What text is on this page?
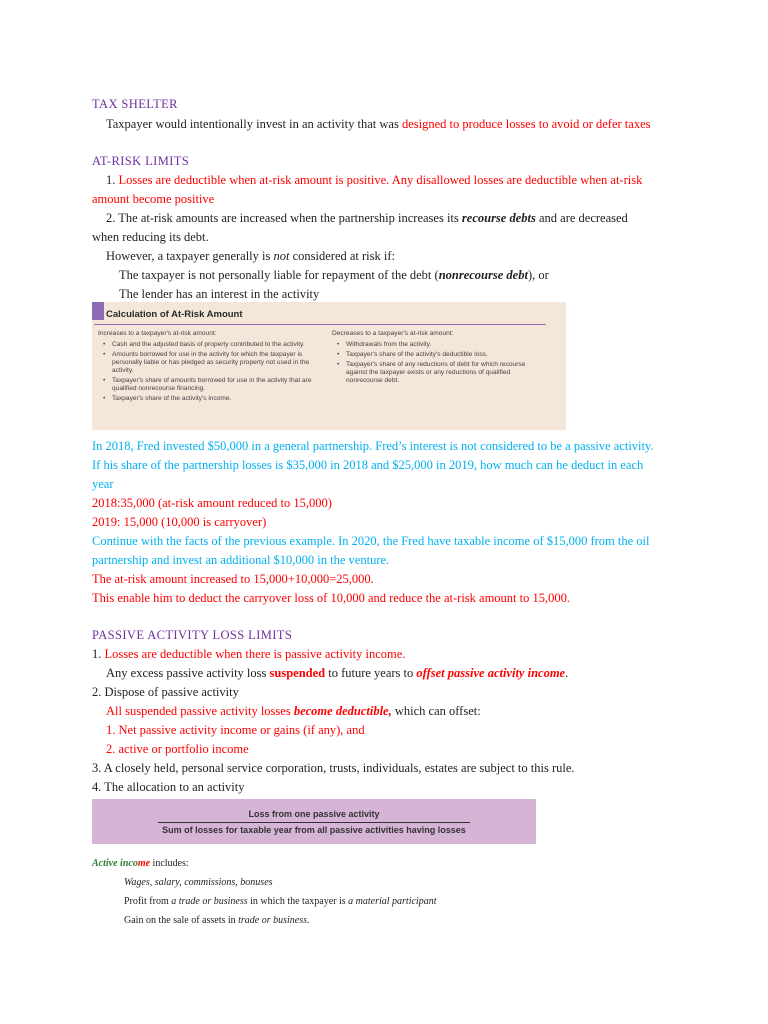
TAX SHELTER
Taxpayer would intentionally invest in an activity that was designed to produce losses to avoid or defer taxes
AT-RISK LIMITS
1. Losses are deductible when at-risk amount is positive. Any disallowed losses are deductible when at-risk
amount become positive
2. The at-risk amounts are increased when the partnership increases its recourse debts and are decreased
when reducing its debt.
However, a taxpayer generally is not considered at risk if:
The taxpayer is not personally liable for repayment of the debt (nonrecourse debt), or
The lender has an interest in the activity
Calculation of At-Risk Amount
Increases to a taxpayer's at-risk amount:
• Cash and the adjusted basis of property contributed to the activity.
• Amounts borrowed for use in the activity for which the taxpayer is personally liable or has pledged as security property not used in the activity.
• Taxpayer's share of amounts borrowed for use in the activity that are qualified nonrecourse financing.
• Taxpayer's share of the activity's income.
Decreases to a taxpayer's at-risk amount:
• Withdrawals from the activity.
• Taxpayer's share of the activity's deductible loss.
• Taxpayer's share of any reductions of debt for which recourse against the taxpayer exists or any reductions of qualified nonrecourse debt.
In 2018, Fred invested $50,000 in a general partnership. Fred’s interest is not considered to be a passive activity.
If his share of the partnership losses is $35,000 in 2018 and $25,000 in 2019, how much can he deduct in each
year
2018:35,000 (at-risk amount reduced to 15,000)
2019: 15,000 (10,000 is carryover)
Continue with the facts of the previous example. In 2020, the Fred have taxable income of $15,000 from the oil
partnership and invest an additional $10,000 in the venture.
The at-risk amount increased to 15,000+10,000=25,000.
This enable him to deduct the carryover loss of 10,000 and reduce the at-risk amount to 15,000.
PASSIVE ACTIVITY LOSS LIMITS
1. Losses are deductible when there is passive activity income.
Any excess passive activity loss suspended to future years to offset passive activity income.
2. Dispose of passive activity
All suspended passive activity losses become deductible, which can offset:
1. Net passive activity income or gains (if any), and
2. active or portfolio income
3. A closely held, personal service corporation, trusts, individuals, estates are subject to this rule.
4. The allocation to an activity
Loss from one passive activity
Sum of losses for taxable year from all passive activities having losses
Active income includes:
Wages, salary, commissions, bonuses
Profit from a trade or business in which the taxpayer is a material participant
Gain on the sale of assets in trade or business.
